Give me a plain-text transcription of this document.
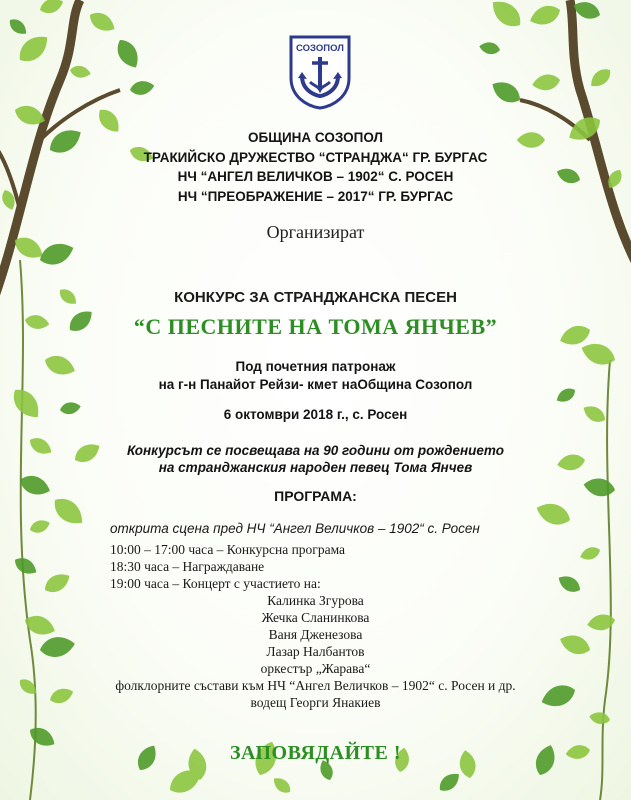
СОЗОПОЛ
ОБЩИНА СОЗОПОЛ
ТРАКИЙСКО ДРУЖЕСТВО “СТРАНДЖА“ ГР. БУРГАС
НЧ “АНГЕЛ ВЕЛИЧКОВ – 1902“ С. РОСЕН
НЧ “ПРЕОБРАЖЕНИЕ – 2017“ ГР. БУРГАС
Организират
КОНКУРС ЗА СТРАНДЖАНСКА ПЕСЕН
“С ПЕСНИТЕ НА ТОМА ЯНЧЕВ”
Под почетния патронаж
на г-н Панайот Рейзи- кмет наОбщина Созопол
6 октомври 2018 г., с. Росен
Конкурсът се посвещава на 90 години от рождението
на странджанския народен певец Тома Янчев
ПРОГРАМА:
открита сцена пред НЧ “Ангел Величков – 1902“ с. Росен
10:00 – 17:00 часа – Конкурсна програма
18:30 часа – Награждаване
19:00 часа – Концерт с участието на:
Калинка Згурова
Жечка Сланинкова
Ваня Дженезова
Лазар Налбантов
оркестър „Жарава“
фолклорните състави към НЧ “Ангел Величков – 1902“ с. Росен и др.
водещ Георги Янакиев
ЗАПОВЯДАЙТЕ !
